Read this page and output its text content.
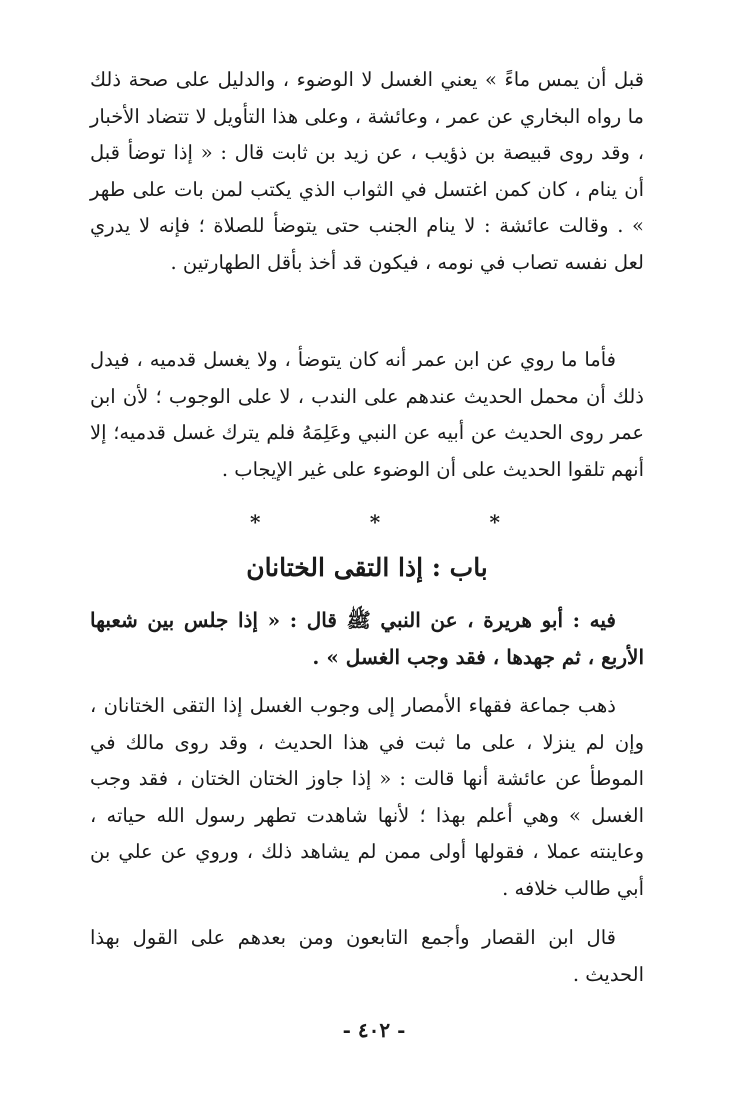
قبل أن يمس ماءً » يعني الغسل لا الوضوء ، والدليل على صحة ذلك ما رواه البخاري عن عمر ، وعائشة ، وعلى هذا التأويل لا تتضاد الأخبار ، وقد روى قبيصة بن ذؤيب ، عن زيد بن ثابت قال : « إذا توضأ قبل أن ينام ، كان كمن اغتسل في الثواب الذي يكتب لمن بات على طهر » . وقالت عائشة : لا ينام الجنب حتى يتوضأ للصلاة ؛ فإنه لا يدري لعل نفسه تصاب في نومه ، فيكون قد أخذ بأقل الطهارتين .

فأما ما روي عن ابن عمر أنه كان يتوضأ ، ولا يغسل قدميه ، فيدل ذلك أن محمل الحديث عندهم على الندب ، لا على الوجوب ؛ لأن ابن عمر روى الحديث عن أبيه عن النبي وعَلِمَهُ فلم يترك غسل قدميه؛ إلا أنهم تلقوا الحديث على أن الوضوء على غير الإيجاب .

*
*
*
باب : إذا التقى الختانان

فيه : أبو هريرة ، عن النبي ﷺ قال : « إذا جلس بين شعبها الأربع ، ثم جهدها ، فقد وجب الغسل » .

ذهب جماعة فقهاء الأمصار إلى وجوب الغسل إذا التقى الختانان ، وإن لم ينزلا ، على ما ثبت في هذا الحديث ، وقد روى مالك في الموطأ عن عائشة أنها قالت : « إذا جاوز الختان الختان ، فقد وجب الغسل » وهي أعلم بهذا ؛ لأنها شاهدت تطهر رسول الله حياته ، وعاينته عملا ، فقولها أولى ممن لم يشاهد ذلك ، وروي عن علي بن أبي طالب خلافه .

قال ابن القصار وأجمع التابعون ومن بعدهم على القول بهذا الحديث .

- ٤٠٢ -
